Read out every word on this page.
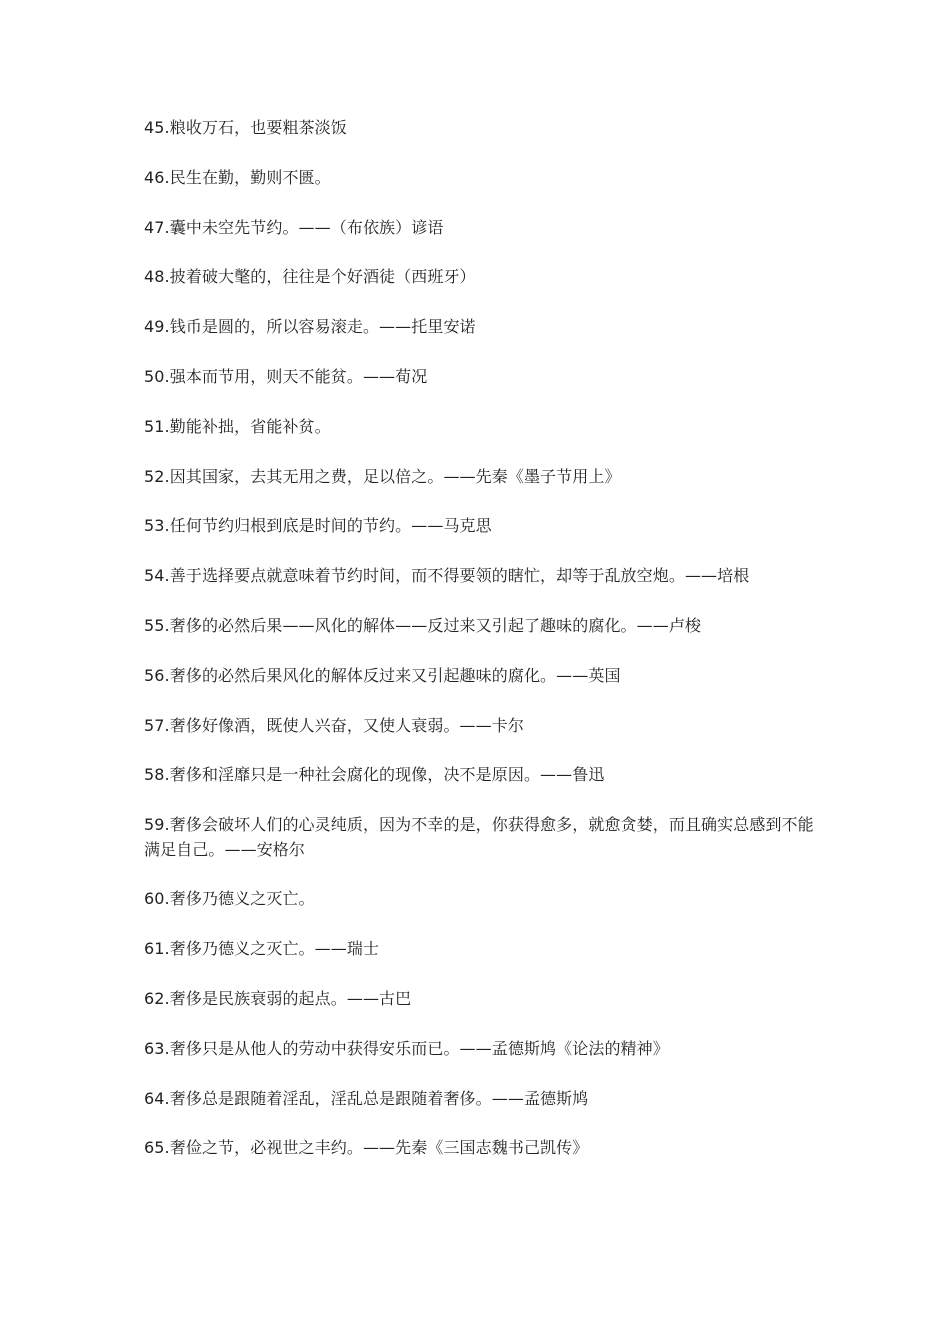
45.粮收万石，也要粗茶淡饭

46.民生在勤，勤则不匮。

47.囊中未空先节约。——（布依族）谚语

48.披着破大氅的，往往是个好酒徒（西班牙）

49.钱币是圆的，所以容易滚走。——托里安诺

50.强本而节用，则天不能贫。——荀况

51.勤能补拙，省能补贫。

52.因其国家，去其无用之费，足以倍之。——先秦《墨子节用上》

53.任何节约归根到底是时间的节约。——马克思

54.善于选择要点就意味着节约时间，而不得要领的瞎忙，却等于乱放空炮。——培根

55.奢侈的必然后果——风化的解体——反过来又引起了趣味的腐化。——卢梭

56.奢侈的必然后果风化的解体反过来又引起趣味的腐化。——英国

57.奢侈好像酒，既使人兴奋，又使人衰弱。——卡尔

58.奢侈和淫靡只是一种社会腐化的现像，决不是原因。——鲁迅

59.奢侈会破坏人们的心灵纯质，因为不幸的是，你获得愈多，就愈贪婪，而且确实总感到不能满足自己。——安格尔

60.奢侈乃德义之灭亡。

61.奢侈乃德义之灭亡。——瑞士

62.奢侈是民族衰弱的起点。——古巴

63.奢侈只是从他人的劳动中获得安乐而已。——孟德斯鸠《论法的精神》

64.奢侈总是跟随着淫乱，淫乱总是跟随着奢侈。——孟德斯鸠

65.奢俭之节，必视世之丰约。——先秦《三国志魏书己凯传》
